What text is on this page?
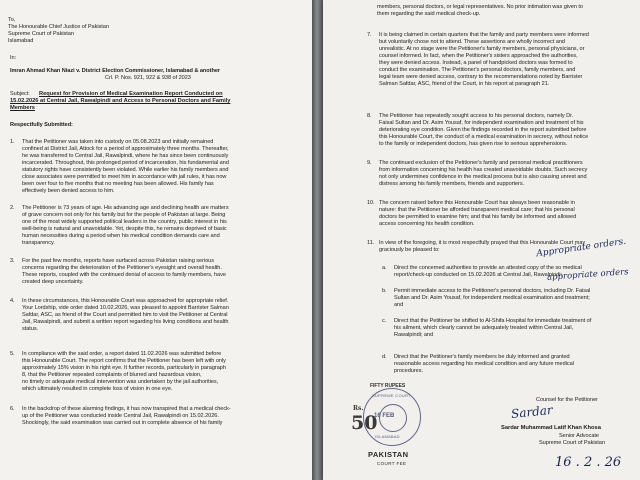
To,
The Honourable Chief Justice of Pakistan
Supreme Court of Pakistan
Islamabad
In:
Imran Ahmad Khan Niazi v. District Election Commissioner, Islamabad & another
Crl. P. Nos. 921, 922 & 938 of 2023
Subject: Request for Provision of Medical Examination Report Conducted on
15.02.2026 at Central Jail, Rawalpindi and Access to Personal Doctors and Family
Members
Respectfully Submitted:
1. That the Petitioner was taken into custody on 05.08.2023 and initially remained
confined at District Jail, Attock for a period of approximately three months. Thereafter,
he was transferred to Central Jail, Rawalpindi, where he has since been continuously
incarcerated. Throughout, this prolonged period of incarceration, his fundamental and
statutory rights have consistently been violated. While earlier his family members and
close associates were permitted to meet him in accordance with jail rules, it has now
been over four to five months that no meeting has been allowed. His family has
effectively been denied access to him.
2. The Petitioner is 73 years of age. His advancing age and declining health are matters
of grave concern not only for his family but for the people of Pakistan at large. Being
one of the most widely supported political leaders in the country, public interest in his
well-being is natural and unavoidable. Yet, despite this, he remains deprived of basic
human necessities during a period when his medical condition demands care and
transparency.
3. For the past few months, reports have surfaced across Pakistan raising serious
concerns regarding the deterioration of the Petitioner's eyesight and overall health.
These reports, coupled with the continued denial of access to family members, have
created deep uncertainty.
4. In these circumstances, this Honourable Court was approached for appropriate relief.
Your Lordship, vide order dated 10.02.2026, was pleased to appoint Barrister Salman
Safdar, ASC, as friend of the Court and permitted him to visit the Petitioner at Central
Jail, Rawalpindi, and submit a written report regarding his living conditions and health
status.
5. In compliance with the said order, a report dated 11.02.2026 was submitted before
this Honourable Court. The report confirms that the Petitioner has been left with only
approximately 15% vision in his right eye. It further records, particularly in paragraph
8, that the Petitioner repeated complaints of blurred and hazardous vision,
no timely or adequate medical intervention was undertaken by the jail authorities,
which ultimately resulted in complete loss of vision in one eye.
6. In the backdrop of these alarming findings, it has now transpired that a medical check-
up of the Petitioner was conducted inside Central Jail, Rawalpindi on 15.02.2026.
Shockingly, the said examination was carried out in complete absence of his family
members, personal doctors, or legal representatives. No prior intimation was given to
them regarding the said medical check-up.
7. It is being claimed in certain quarters that the family and party members were informed
but voluntarily chose not to attend. These assertions are wholly incorrect and
unrealistic. At no stage were the Petitioner's family members, personal physicians, or
counsel informed. In fact, when the Petitioner's sisters approached the authorities,
they were denied access. Instead, a panel of handpicked doctors was formed to
conduct the examination. The Petitioner's personal doctors, family members, and
legal team were denied access, contrary to the recommendations noted by Barrister
Salman Safdar, ASC, friend of the Court, in his report at paragraph 21.
8. The Petitioner has repeatedly sought access to his personal doctors, namely Dr.
Faisal Sultan and Dr. Asim Yousaf, for independent examination and treatment of his
deteriorating eye condition. Given the findings recorded in the report submitted before
this Honourable Court, the conduct of a medical examination in secrecy, without notice
to the family or independent doctors, has given rise to serious apprehensions.
9. The continued exclusion of the Petitioner's family and personal medical practitioners
from information concerning his health has created unavoidable doubts. Such secrecy
not only undermines confidence in the medical process but is also causing unrest and
distress among his family members, friends and supporters.
10. The concern raised before this Honourable Court has always been reasonable in
nature: that the Petitioner be afforded transparent medical care; that his personal
doctors be permitted to examine him; and that his family be informed and allowed
access concerning his health condition.
11. In view of the foregoing, it is most respectfully prayed that this Honourable Court may
graciously be pleased to:
a. Direct the concerned authorities to provide an attested copy of the so medical
report/check-up conducted on 15.02.2026 at Central Jail, Rawalpindi;
b. Permit immediate access to the Petitioner's personal doctors, including Dr. Faisal
Sultan and Dr. Asim Yousaf, for independent medical examination and treatment;
and
c. Direct that the Petitioner be shifted to Al-Shifa Hospital for immediate treatment of
his ailment, which clearly cannot be adequately treated within Central Jail,
Rawalpindi; and
d. Direct that the Petitioner's family members be duly informed and granted
reasonable access regarding his medical condition and any future medical
procedures.
Appropriate orders.
appropriate orders
Counsel for the Petitioner
Sardar
Sardar Muhammad Latif Khan Khosa
Senior Advocate
Supreme Court of Pakistan
16 . 2 . 26
FIFTY RUPEES
Rs.
50
SUPREME COURT
16 FEB
ISLAMABAD
PAKISTAN
COURT FEE
